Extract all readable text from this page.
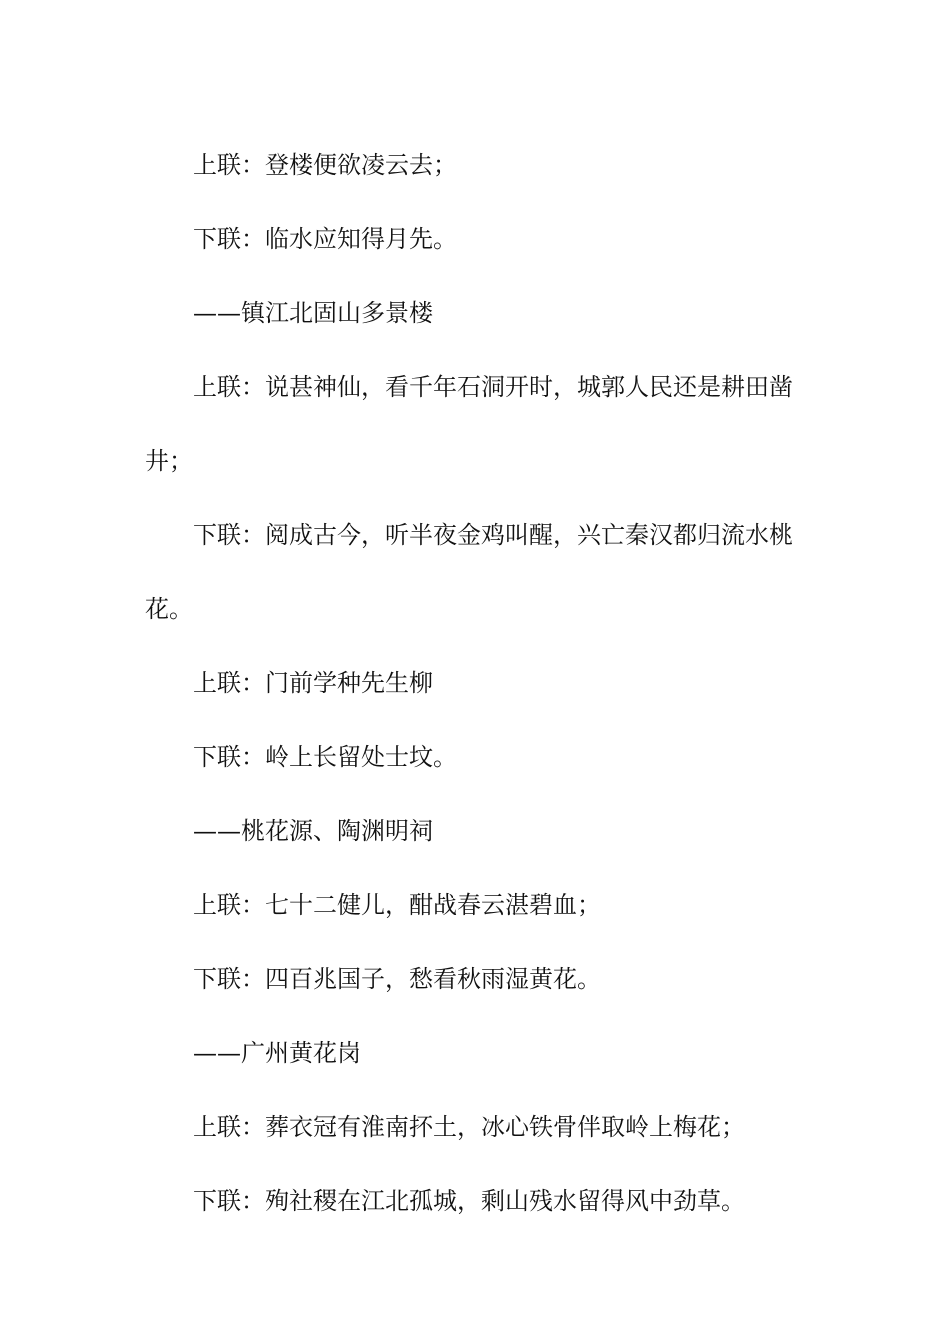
上联：登楼便欲凌云去；

下联：临水应知得月先。

——镇江北固山多景楼

上联：说甚神仙，看千年石洞开时，城郭人民还是耕田凿井；

下联：阅成古今，听半夜金鸡叫醒，兴亡秦汉都归流水桃花。

上联：门前学种先生柳

下联：岭上长留处士坟。

——桃花源、陶渊明祠

上联：七十二健儿，酣战春云湛碧血；

下联：四百兆国子，愁看秋雨湿黄花。

——广州黄花岗

上联：葬衣冠有淮南抔土，冰心铁骨伴取岭上梅花；

下联：殉社稷在江北孤城，剩山残水留得风中劲草。
